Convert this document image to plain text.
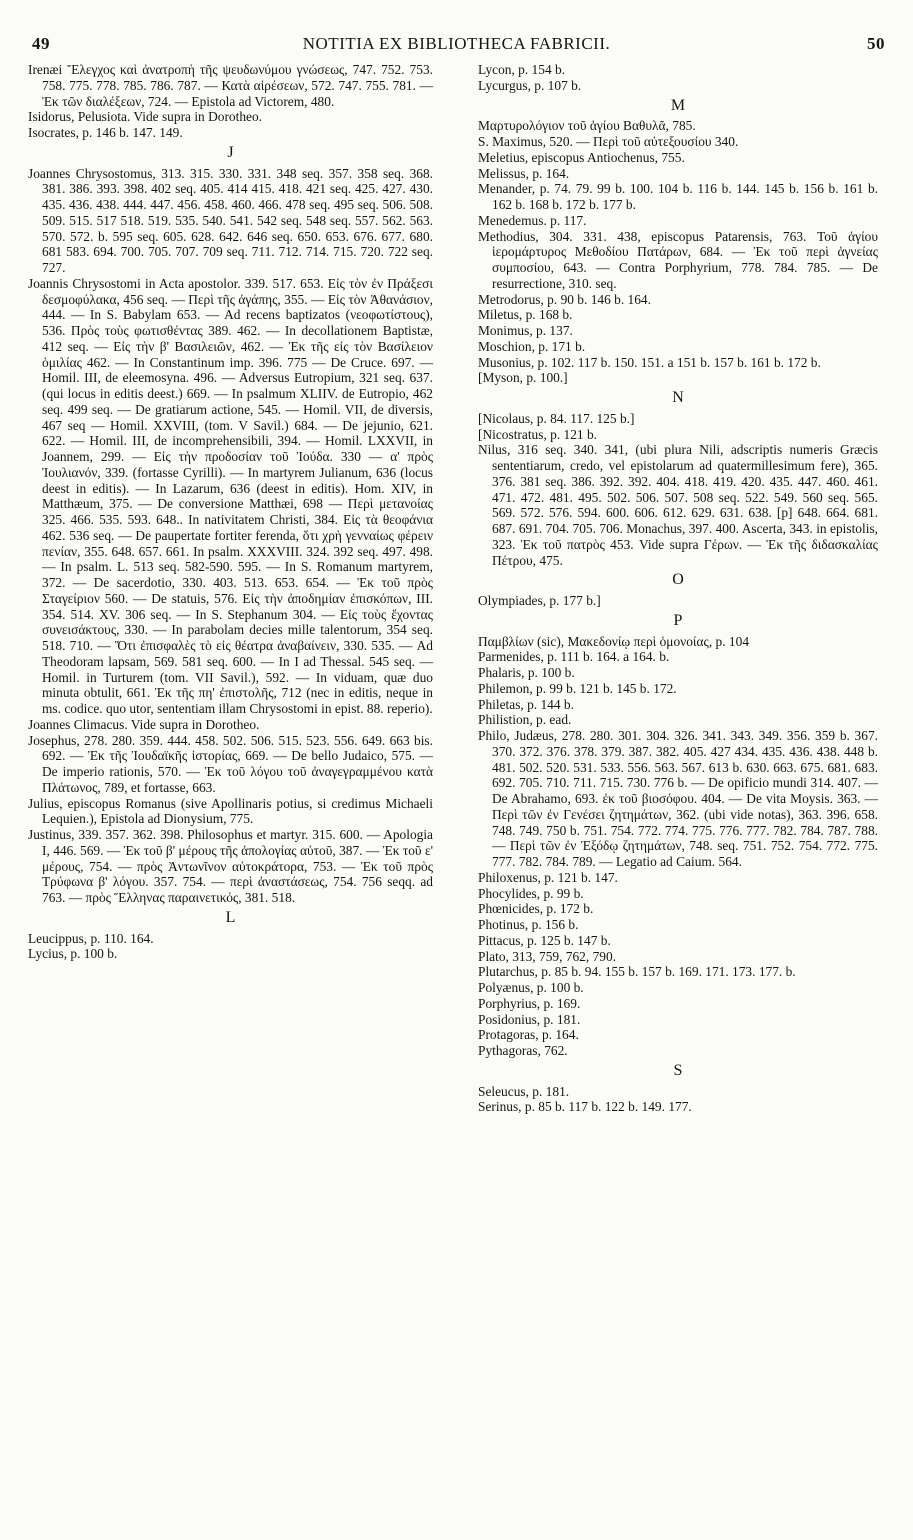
49	NOTITIA EX BIBLIOTHECA FABRICII.	50

Irenæi Ἔλεγχος καὶ ἀνατροπὴ τῆς ψευδωνύμου γνώσεως, 747. 752. 753. 758. 775. 778. 785. 786. 787. — Κατὰ αἱρέσεων, 572. 747. 755. 781. — Ἐκ τῶν διαλέξεων, 724. — Epistola ad Victorem, 480.

Isidorus, Pelusiota. Vide supra in Dorotheo.

Isocrates, p. 146 b. 147. 149.

J

Joannes Chrysostomus, 313. 315. 330. 331. 348 seq. 357. 358 seq. 368. 381. 386. 393. 398. 402 seq. 405. 414 415. 418. 421 seq. 425. 427. 430. 435. 436. 438. 444. 447. 456. 458. 460. 466. 478 seq. 495 seq. 506. 508. 509. 515. 517 518. 519. 535. 540. 541. 542 seq. 548 seq. 557. 562. 563. 570. 572. b. 595 seq. 605. 628. 642. 646 seq. 650. 653. 676. 677. 680. 681 583. 694. 700. 705. 707. 709 seq. 711. 712. 714. 715. 720. 722 seq. 727.

Joannis Chrysostomi in Acta apostolor. 339. 517. 653. Εἰς τὸν ἐν Πράξεσι δεσμοφύλακα, 456 seq. — Περὶ τῆς ἀγάπης, 355. — Εἰς τὸν Ἀθανάσιον, 444. — In S. Babylam 653. — Ad recens baptizatos (νεοφωτίστους), 536. Πρὸς τοὺς φωτισθέντας 389. 462. — In decollationem Baptistæ, 412 seq. — Εἰς τὴν β' Βασιλειῶν, 462. — Ἐκ τῆς εἰς τὸν Βασίλειον ὁμιλίας 462. — In Constantinum imp. 396. 775 — De Cruce. 697. — Homil. III, de eleemosyna. 496. — Adversus Eutropium, 321 seq. 637. (qui locus in editis deest.) 669. — In psalmum XLIIV. de Eutropio, 462 seq. 499 seq. — De gratiarum actione, 545. — Homil. VII, de diversis, 467 seq — Homil. XXVIII, (tom. V Savil.) 684. — De jejunio, 621. 622. — Homil. III, de incomprehensibili, 394. — Homil. LXXVII, in Joannem, 299. — Εἰς τὴν προδοσίαν τοῦ Ἰούδα. 330 — α' πρὸς Ἰουλιανόν, 339. (fortasse Cyrilli). — In martyrem Julianum, 636 (locus deest in editis). — In Lazarum, 636 (deest in editis). Hom. XIV, in Matthæum, 375. — De conversione Matthæi, 698 — Περὶ μετανοίας 325. 466. 535. 593. 648.. In nativitatem Christi, 384. Εἰς τὰ θεοφάνια 462. 536 seq. — De paupertate fortiter ferenda, ὅτι χρὴ γενναίως φέρειν πενίαν, 355. 648. 657. 661. In psalm. XXXVIII. 324. 392 seq. 497. 498. — In psalm. L. 513 seq. 582-590. 595. — In S. Romanum martyrem, 372. — De sacerdotio, 330. 403. 513. 653. 654. — Ἐκ τοῦ πρὸς Σταγείριον 560. — De statuis, 576. Εἰς τὴν ἀποδημίαν ἐπισκόπων, III. 354. 514. XV. 306 seq. — In S. Stephanum 304. — Εἰς τοὺς ἔχοντας συνεισάκτους, 330. — In parabolam decies mille talentorum, 354 seq. 518. 710. — Ὅτι ἐπισφαλὲς τὸ εἰς θέατρα ἀναβαίνειν, 330. 535. — Ad Theodoram lapsam, 569. 581 seq. 600. — In I ad Thessal. 545 seq. — Homil. in Turturem (tom. VII Savil.), 592. — In viduam, quæ duo minuta obtulit, 661. Ἐκ τῆς πη' ἐπιστολῆς, 712 (nec in editis, neque in ms. codice. quo utor, sententiam illam Chrysostomi in epist. 88. reperio).

Joannes Climacus. Vide supra in Dorotheo.

Josephus, 278. 280. 359. 444. 458. 502. 506. 515. 523. 556. 649. 663 bis. 692. — Ἐκ τῆς Ἰουδαϊκῆς ἱστορίας, 669. — De bello Judaico, 575. — De imperio rationis, 570. — Ἐκ τοῦ λόγου τοῦ ἀναγεγραμμένου κατὰ Πλάτωνος, 789, et fortasse, 663.

Julius, episcopus Romanus (sive Apollinaris potius, si credimus Michaeli Lequien.), Epistola ad Dionysium, 775.

Justinus, 339. 357. 362. 398. Philosophus et martyr. 315. 600. — Apologia I, 446. 569. — Ἐκ τοῦ β' μέρους τῆς ἀπολογίας αὐτοῦ, 387. — Ἐκ τοῦ ε' μέρους, 754. — πρὸς Ἀντωνῖνον αὐτοκράτορα, 753. — Ἐκ τοῦ πρὸς Τρύφωνα β' λόγου. 357. 754. — περὶ ἀναστάσεως, 754. 756 seqq. ad 763. — πρὸς Ἕλληνας παραινετικός, 381. 518.

L

Leucippus, p. 110. 164.

Lycius, p. 100 b.

Lycon, p. 154 b.

Lycurgus, p. 107 b.

M

Μαρτυρολόγιον τοῦ ἁγίου Βαθυλᾶ, 785.

S. Maximus, 520. — Περὶ τοῦ αὐτεξουσίου 340.

Meletius, episcopus Antiochenus, 755.

Melissus, p. 164.

Menander, p. 74. 79. 99 b. 100. 104 b. 116 b. 144. 145 b. 156 b. 161 b. 162 b. 168 b. 172 b. 177 b.

Menedemus. p. 117.

Methodius, 304. 331. 438, episcopus Patarensis, 763. Τοῦ ἁγίου ἱερομάρτυρος Μεθοδίου Πατάρων, 684. — Ἐκ τοῦ περὶ ἁγνείας συμποσίου, 643. — Contra Porphyrium, 778. 784. 785. — De resurrectione, 310. seq.

Metrodorus, p. 90 b. 146 b. 164.

Miletus, p. 168 b.

Monimus, p. 137.

Moschion, p. 171 b.

Musonius, p. 102. 117 b. 150. 151. a 151 b. 157 b. 161 b. 172 b.

[Myson, p. 100.]

N

[Nicolaus, p. 84. 117. 125 b.]

[Nicostratus, p. 121 b.

Nilus, 316 seq. 340. 341, (ubi plura Nili, adscriptis numeris Græcis sententiarum, credo, vel epistolarum ad quatermillesimum fere), 365. 376. 381 seq. 386. 392. 392. 404. 418. 419. 420. 435. 447. 460. 461. 471. 472. 481. 495. 502. 506. 507. 508 seq. 522. 549. 560 seq. 565. 569. 572. 576. 594. 600. 606. 612. 629. 631. 638. [p] 648. 664. 681. 687. 691. 704. 705. 706. Monachus, 397. 400. Ascerta, 343. in epistolis, 323. Ἐκ τοῦ πατρὸς 453. Vide supra Γέρων. — Ἐκ τῆς διδασκαλίας Πέτρου, 475.

O

Olympiades, p. 177 b.]

P

Παμβλίων (sic), Μακεδονίῳ περὶ ὁμονοίας, p. 104

Parmenides, p. 111 b. 164. a 164. b.

Phalaris, p. 100 b.

Philemon, p. 99 b. 121 b. 145 b. 172.

Philetas, p. 144 b.

Philistion, p. ead.

Philo, Judæus, 278. 280. 301. 304. 326. 341. 343. 349. 356. 359 b. 367. 370. 372. 376. 378. 379. 387. 382. 405. 427 434. 435. 436. 438. 448 b. 481. 502. 520. 531. 533. 556. 563. 567. 613 b. 630. 663. 675. 681. 683. 692. 705. 710. 711. 715. 730. 776 b. — De opificio mundi 314. 407. — De Abrahamo, 693. ἐκ τοῦ βιοσόφου. 404. — De vita Moysis. 363. — Περὶ τῶν ἐν Γενέσει ζητημάτων, 362. (ubi vide notas), 363. 396. 658. 748. 749. 750 b. 751. 754. 772. 774. 775. 776. 777. 782. 784. 787. 788. — Περὶ τῶν ἐν Ἐξόδῳ ζητημάτων, 748. seq. 751. 752. 754. 772. 775. 777. 782. 784. 789. — Legatio ad Caium. 564.

Philoxenus, p. 121 b. 147.

Phocylides, p. 99 b.

Phœnicides, p. 172 b.

Photinus, p. 156 b.

Pittacus, p. 125 b. 147 b.

Plato, 313, 759, 762, 790.

Plutarchus, p. 85 b. 94. 155 b. 157 b. 169. 171. 173. 177. b.

Polyænus, p. 100 b.

Porphyrius, p. 169.

Posidonius, p. 181.

Protagoras, p. 164.

Pythagoras, 762.

S

Seleucus, p. 181.

Serinus, p. 85 b. 117 b. 122 b. 149. 177.
